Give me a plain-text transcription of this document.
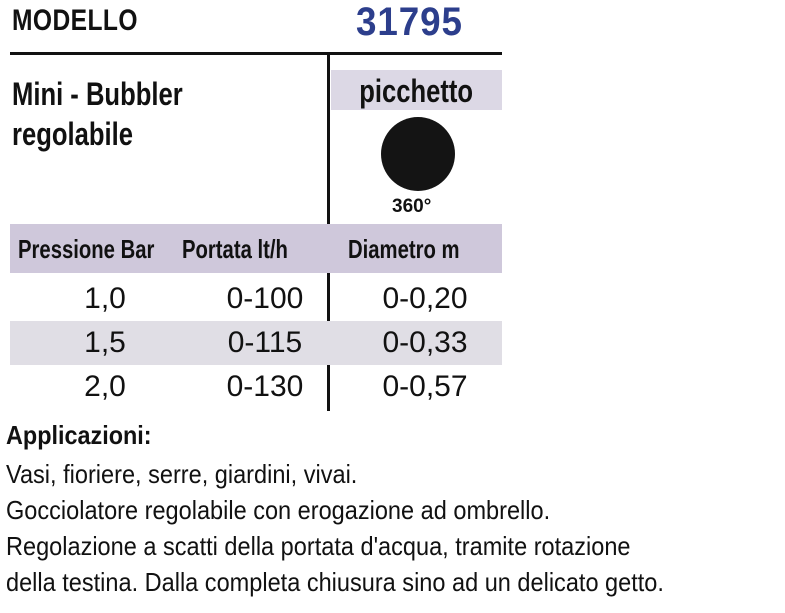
MODELLO	31795
Mini - Bubbler
regolabile
picchetto
360°
Pressione Bar	Portata lt/h	Diametro m
1,0	0-100	0-0,20
1,5	0-115	0-0,33
2,0	0-130	0-0,57
Applicazioni:
Vasi, fioriere, serre, giardini, vivai.
Gocciolatore regolabile con erogazione ad ombrello.
Regolazione a scatti della portata d'acqua, tramite rotazione
della testina. Dalla completa chiusura sino ad un delicato getto.
